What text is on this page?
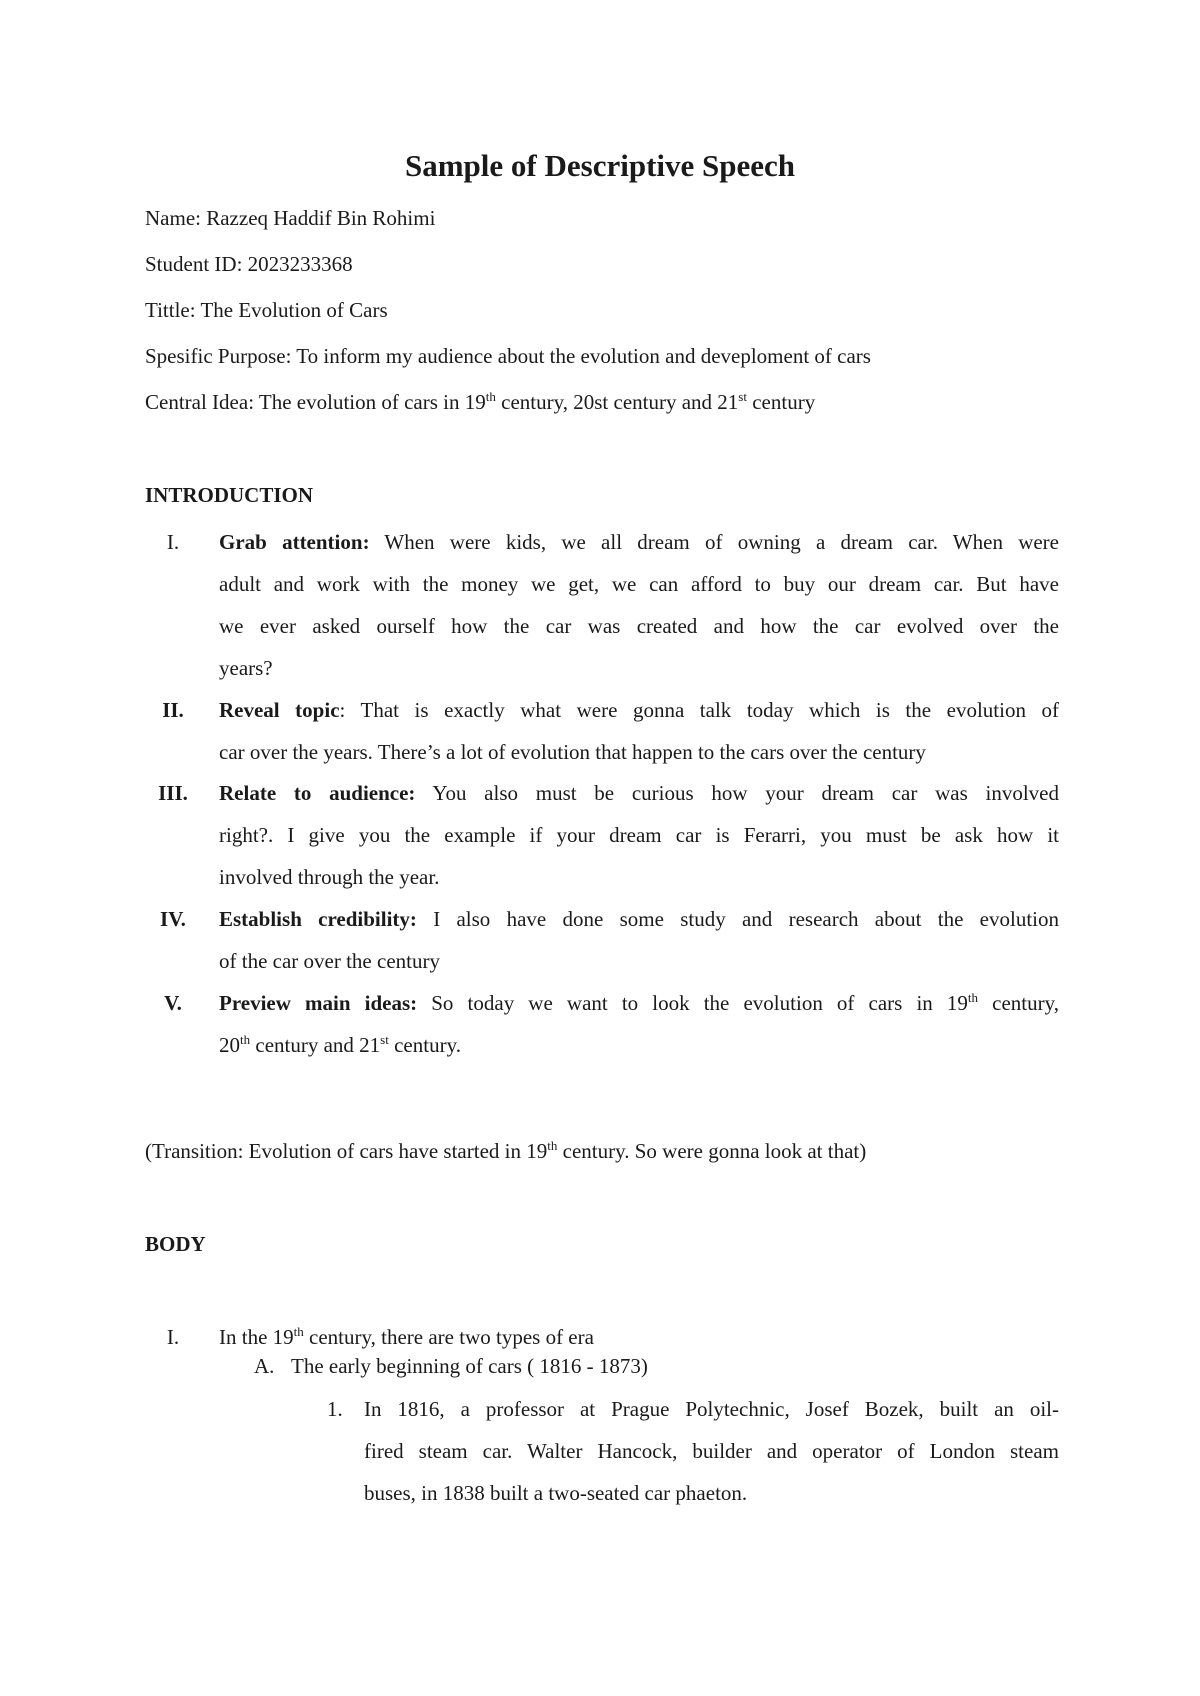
Sample of Descriptive Speech
Name: Razzeq Haddif Bin Rohimi
Student ID: 2023233368
Tittle: The Evolution of Cars
Spesific Purpose: To inform my audience about the evolution and deveploment of cars
Central Idea: The evolution of cars in 19th century, 20st century and 21st century
INTRODUCTION
I.	Grab attention: When were kids, we all dream of owning a dream car. When were
adult and work with the money we get, we can afford to buy our dream car. But have
we ever asked ourself how the car was created and how the car evolved over the
years?
II.	Reveal topic: That is exactly what were gonna talk today which is the evolution of
car over the years. There’s a lot of evolution that happen to the cars over the century
III.	Relate to audience: You also must be curious how your dream car was involved
right?. I give you the example if your dream car is Ferarri, you must be ask how it
involved through the year.
IV.	Establish credibility: I also have done some study and research about the evolution
of the car over the century
V.	Preview main ideas: So today we want to look the evolution of cars in 19th century,
20th century and 21st century.
(Transition: Evolution of cars have started in 19th century. So were gonna look at that)
BODY
I.	In the 19th century, there are two types of era
A. The early beginning of cars ( 1816 - 1873)
1. In 1816, a professor at Prague Polytechnic, Josef Bozek, built an oil-
fired steam car. Walter Hancock, builder and operator of London steam
buses, in 1838 built a two-seated car phaeton.
